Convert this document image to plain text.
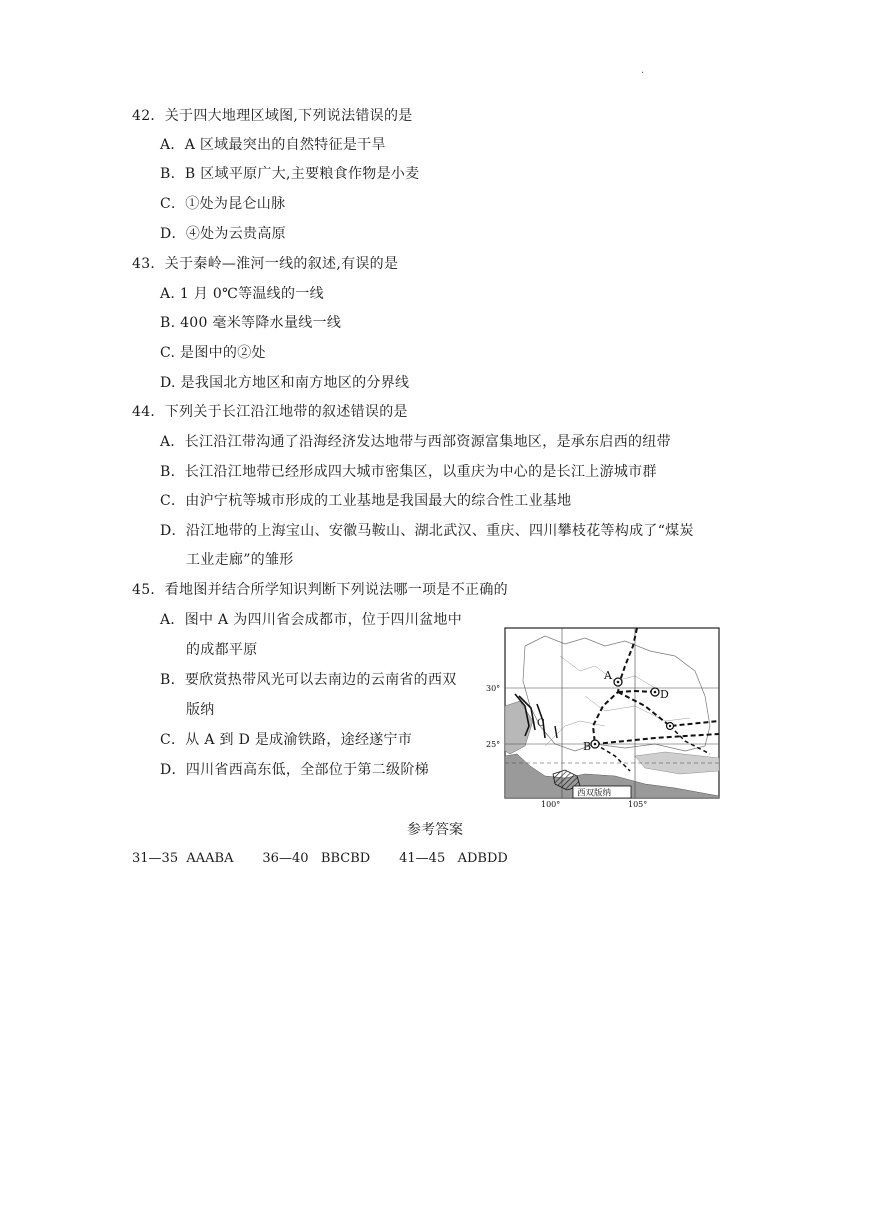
·
42．关于四大地理区域图,下列说法错误的是
A．A 区域最突出的自然特征是干旱
B．B 区域平原广大,主要粮食作物是小麦
C．①处为昆仑山脉
D．④处为云贵高原
43．关于秦岭—淮河一线的叙述,有误的是
A. 1 月 0℃等温线的一线
B. 400 毫米等降水量线一线
C. 是图中的②处
D. 是我国北方地区和南方地区的分界线
44．下列关于长江沿江地带的叙述错误的是
A．长江沿江带沟通了沿海经济发达地带与西部资源富集地区，是承东启西的纽带
B．长江沿江地带已经形成四大城市密集区，以重庆为中心的是长江上游城市群
C．由沪宁杭等城市形成的工业基地是我国最大的综合性工业基地
D．沿江地带的上海宝山、安徽马鞍山、湖北武汉、重庆、四川攀枝花等构成了“煤炭
工业走廊”的雏形
45．看地图并结合所学知识判断下列说法哪一项是不正确的
A．图中 A 为四川省会成都市，位于四川盆地中
的成都平原
B．要欣赏热带风光可以去南边的云南省的西双
版纳
C．从 A 到 D 是成渝铁路，途经遂宁市
D．四川省西高东低，全部位于第二级阶梯
A
D
B
C
30°
25°
100°	105°
西双版纳
参考答案
31—35 AAABA 36—40 BBCBD 41—45 ADBDD
